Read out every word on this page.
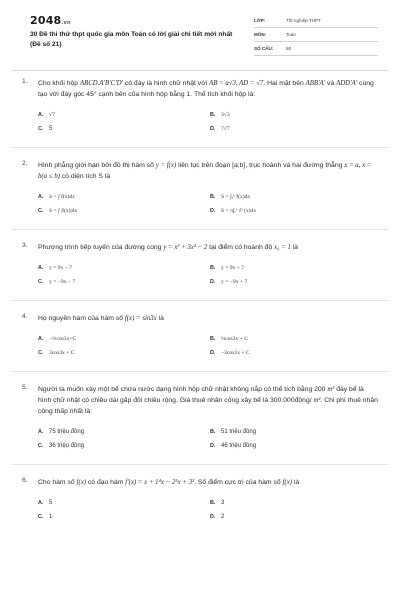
2048.vn
30 Đề thi thử thpt quốc gia môn Toán có lời giải chi tiết mới nhất (Đề số 21)
LỚP:	Tốt nghiệp THPT
MÔN:	Toán
SỐ CÂU:	50
1. Cho khối hộp ABCD.A'B'C'D' có đáy là hình chữ nhật với AB = a√3, AD = √7. Hai mặt bên ABB'A' và ADD'A' cùng tạo với đáy góc 45° cạnh bên của hình hộp bằng 1. Thể tích khối hộp là:
A. √7	B. 3√3
C. 5	D. 7√7
2. Hình phẳng giới hạn bởi đồ thị hàm số y = f(x) liên tục trên đoạn [a;b], trục hoành và hai đường thẳng x = a, x = b(a ≤ b) có diện tích S là
A. S = ∫ f(x)dx	B. S = ∫ₐᵇ f(x)dx
C. S = ∫ |f(x)|dx	D. S = π∫ₐᵇ f² (x)dx
3. Phương trình tiếp tuyến của đường cong y = x³ + 3x² − 2 tại điểm có hoành độ x₀ = 1 là
A. y = 9x − 7	B. y = 9x + 7
C. y = −9x − 7	D. y = −9x + 7
4. Họ nguyên hàm của hàm số f(x) = sin3x là
A. −⅓cos3x+C	B. ⅓cos3x + C
C. 3cos3x + C	D. −3cos3x + C
5. Người ta muốn xây một bể chứa nước dạng hình hộp chữ nhật không nắp có thể tích bằng 200 m³ đáy bể là hình chữ nhật có chiều dài gấp đôi chiều rộng. Giá thuê nhân công xây bể là 300.000đồng/ m². Chi phí thuê nhân công thấp nhất là:
A. 75 triệu đồng	B. 51 triệu đồng
C. 36 triệu đồng	D. 46 triệu đồng
6. Cho hàm số f(x) có đạo hàm f'(x) = x + 1⁴x − 2⁵x + 3³. Số điểm cực trị của hàm số f(x) là
A. 5	B. 3
C. 1	D. 2
